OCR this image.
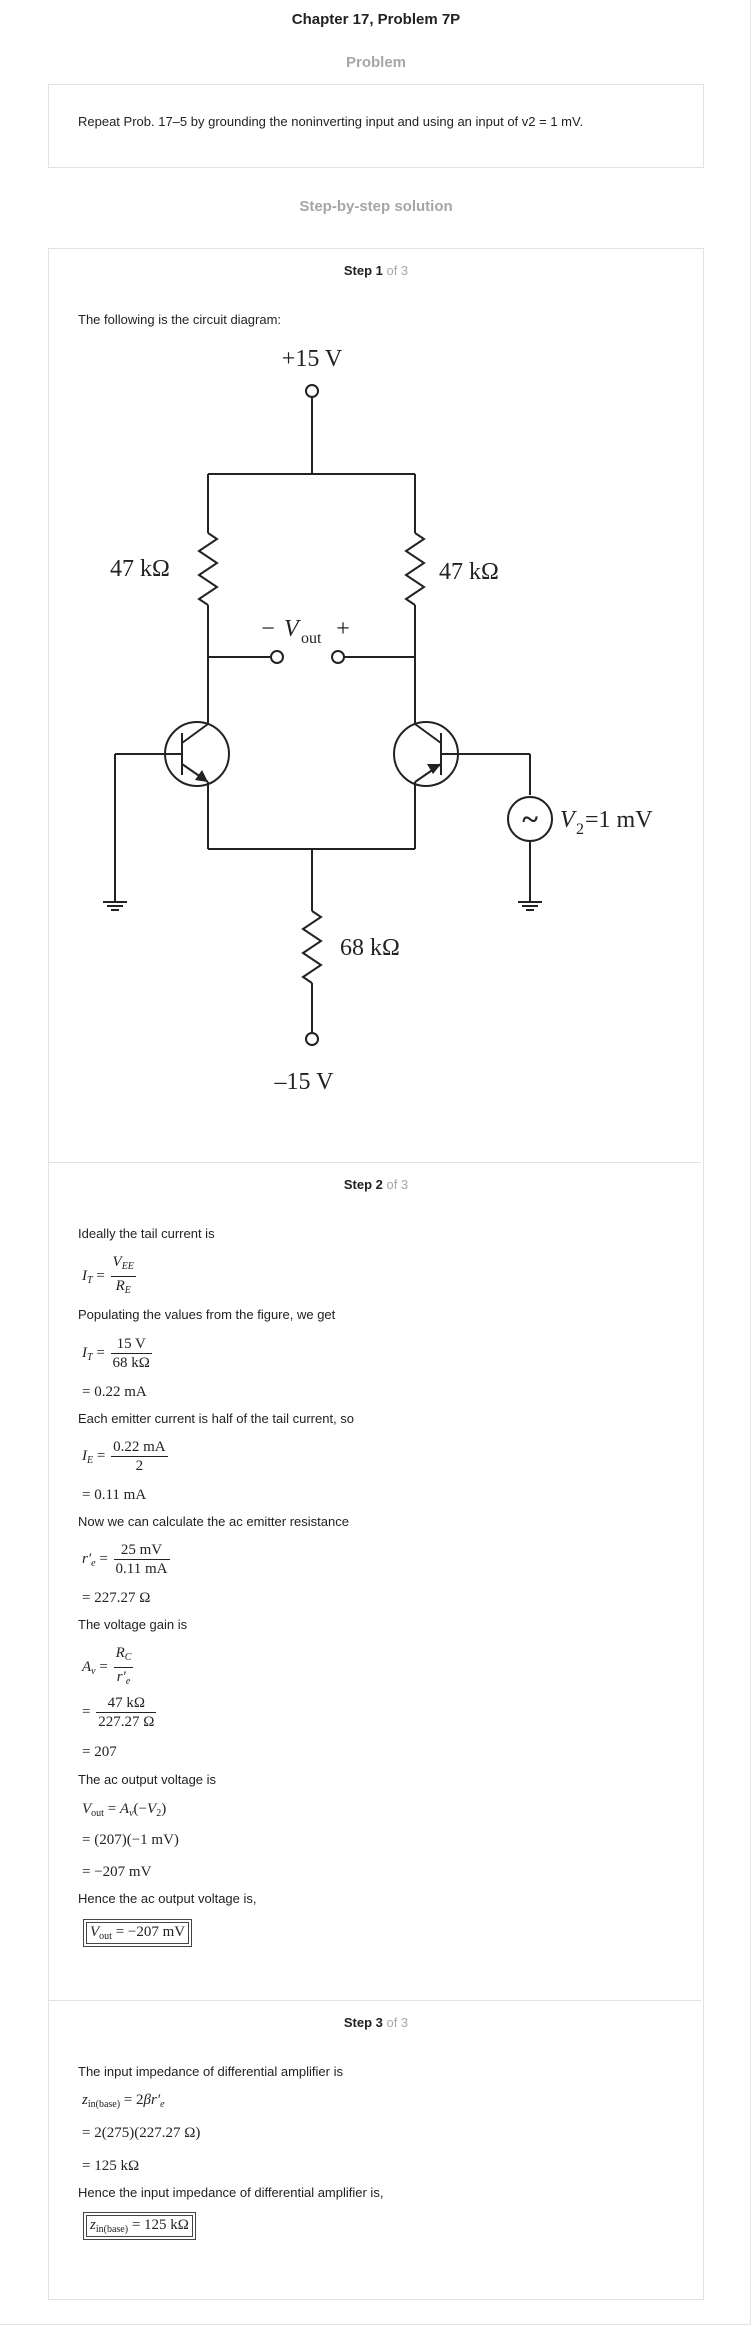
Chapter 17, Problem 7P
Problem
Repeat Prob. 17–5 by grounding the noninverting input and using an input of v2 = 1 mV.
Step-by-step solution
Step 1 of 3
The following is the circuit diagram:
~
+15 V
–15 V
47 kΩ	47 kΩ
68 kΩ
− V out +
V 2 =1 mV
Step 2 of 3
Ideally the tail current is
$I_T = \frac{V_{EE}}{R_E}$
Populating the values from the figure, we get
$I_T = \frac{15 V}{68 k\Omega}$
= 0.22 mA
Each emitter current is half of the tail current, so
$I_E = \frac{0.22 mA}{2}$
= 0.11 mA
Now we can calculate the ac emitter resistance
$r'_e = \frac{25 mV}{0.11 mA}$
= 227.27 Ω
The voltage gain is
$A_v = \frac{R_C}{r'_e}$
= $\frac{47 k\Omega}{227.27 \Omega}$
= 207
The ac output voltage is
$V_{out} = A_v(-V_2)$
= (207)(−1 mV)
= −207 mV
Hence the ac output voltage is,
$V_{out} = -207$ mV
Step 3 of 3
The input impedance of differential amplifier is
$z_{in(base)} = 2\beta r'_e$
= 2(275)(227.27 Ω)
= 125 kΩ
Hence the input impedance of differential amplifier is,
$z_{in(base)} = 125$ kΩ
